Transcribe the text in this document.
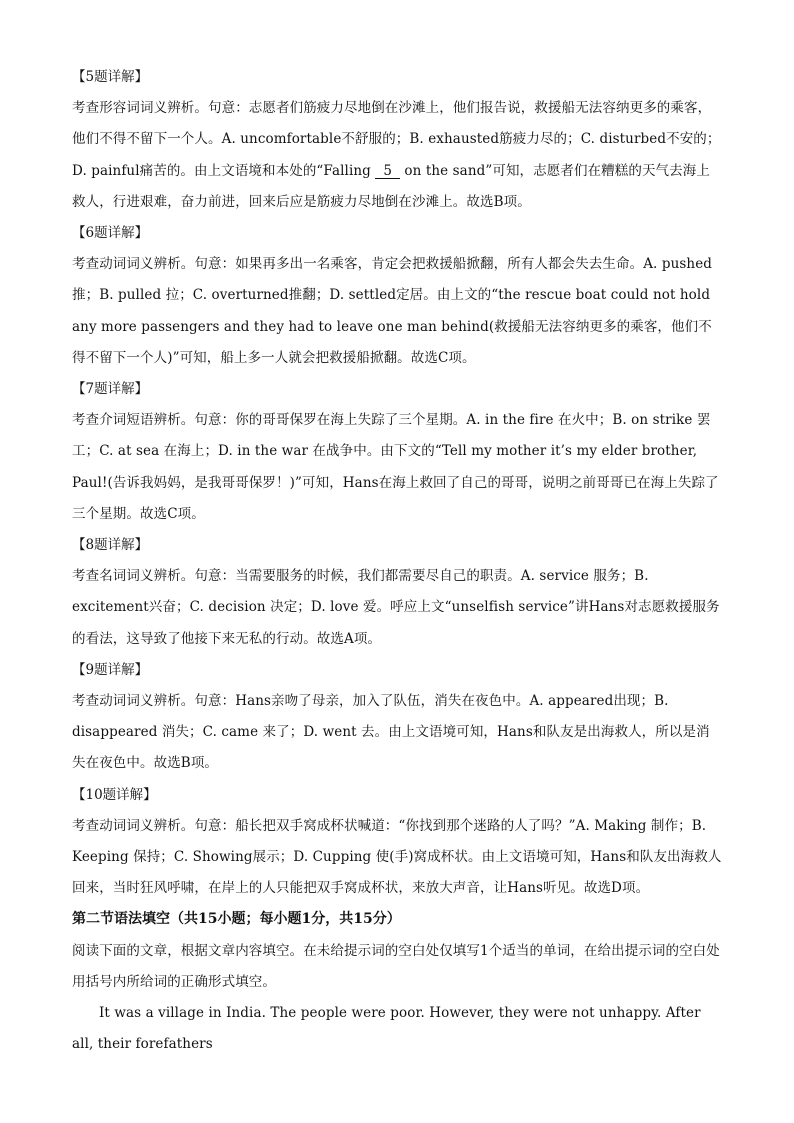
【5题详解】

考查形容词词义辨析。句意：志愿者们筋疲力尽地倒在沙滩上，他们报告说，救援船无法容纳更多的乘客，他们不得不留下一个人。A. uncomfortable不舒服的；B. exhausted筋疲力尽的；C. disturbed不安的；D. painful痛苦的。由上文语境和本处的“Falling 5 on the sand”可知，志愿者们在糟糕的天气去海上救人，行进艰难，奋力前进，回来后应是筋疲力尽地倒在沙滩上。故选B项。

【6题详解】

考查动词词义辨析。句意：如果再多出一名乘客，肯定会把救援船掀翻，所有人都会失去生命。A. pushed推；B. pulled 拉；C. overturned推翻；D. settled定居。由上文的“the rescue boat could not hold any more passengers and they had to leave one man behind(救援船无法容纳更多的乘客，他们不得不留下一个人)”可知，船上多一人就会把救援船掀翻。故选C项。

【7题详解】

考查介词短语辨析。句意：你的哥哥保罗在海上失踪了三个星期。A. in the fire 在火中；B. on strike 罢工；C. at sea 在海上；D. in the war 在战争中。由下文的“Tell my mother it’s my elder brother, Paul!(告诉我妈妈，是我哥哥保罗！)”可知，Hans在海上救回了自己的哥哥，说明之前哥哥已在海上失踪了三个星期。故选C项。

【8题详解】

考查名词词义辨析。句意：当需要服务的时候，我们都需要尽自己的职责。A. service 服务；B. excitement兴奋；C. decision 决定；D. love 爱。呼应上文“unselfish service”讲Hans对志愿救援服务的看法，这导致了他接下来无私的行动。故选A项。

【9题详解】

考查动词词义辨析。句意：Hans亲吻了母亲，加入了队伍，消失在夜色中。A. appeared出现；B. disappeared 消失；C. came 来了；D. went 去。由上文语境可知，Hans和队友是出海救人，所以是消失在夜色中。故选B项。

【10题详解】

考查动词词义辨析。句意：船长把双手窝成杯状喊道：“你找到那个迷路的人了吗？”A. Making 制作；B. Keeping 保持；C. Showing展示；D. Cupping 使(手)窝成杯状。由上文语境可知，Hans和队友出海救人回来，当时狂风呼啸，在岸上的人只能把双手窝成杯状，来放大声音，让Hans听见。故选D项。

第二节语法填空（共15小题；每小题1分，共15分）

阅读下面的文章，根据文章内容填空。在未给提示词的空白处仅填写1个适当的单词，在给出提示词的空白处用括号内所给词的正确形式填空。

It was a village in India. The people were poor. However, they were not unhappy. After all, their forefathers
